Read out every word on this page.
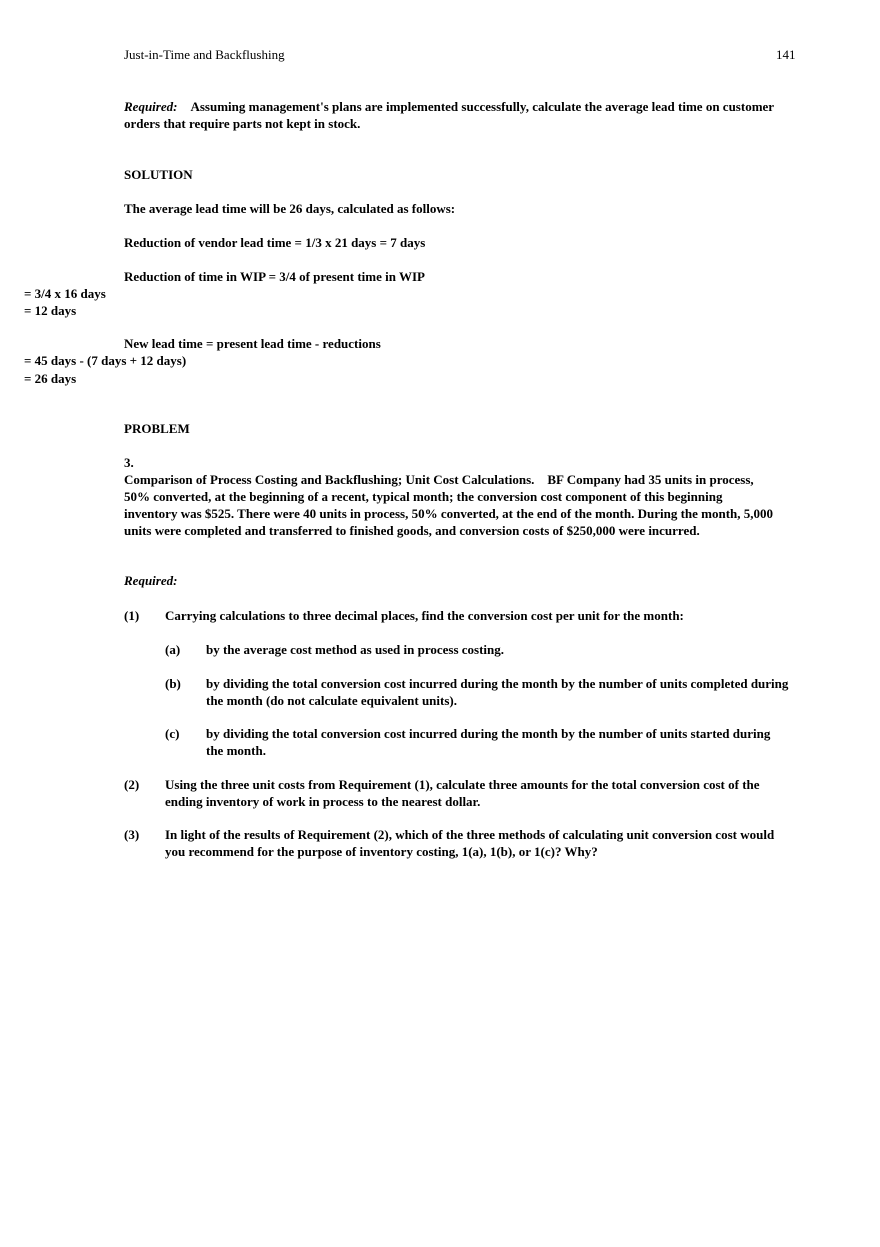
Just-in-Time and Backflushing	141
Required: Assuming management's plans are implemented successfully, calculate the average lead time on customer orders that require parts not kept in stock.
SOLUTION
The average lead time will be 26 days, calculated as follows:
Reduction of vendor lead time = 1/3 x 21 days = 7 days
Reduction of time in WIP = 3/4 of present time in WIP
= 3/4 x 16 days
= 12 days
New lead time = present lead time - reductions
= 45 days - (7 days + 12 days)
= 26 days
PROBLEM
3.
Comparison of Process Costing and Backflushing; Unit Cost Calculations. BF Company had 35 units in process, 50% converted, at the beginning of a recent, typical month; the conversion cost component of this beginning inventory was $525. There were 40 units in process, 50% converted, at the end of the month. During the month, 5,000 units were completed and transferred to finished goods, and conversion costs of $250,000 were incurred.
Required:
(1) Carrying calculations to three decimal places, find the conversion cost per unit for the month:
(a) by the average cost method as used in process costing.
(b) by dividing the total conversion cost incurred during the month by the number of units completed during the month (do not calculate equivalent units).
(c) by dividing the total conversion cost incurred during the month by the number of units started during the month.
(2) Using the three unit costs from Requirement (1), calculate three amounts for the total conversion cost of the ending inventory of work in process to the nearest dollar.
(3) In light of the results of Requirement (2), which of the three methods of calculating unit conversion cost would you recommend for the purpose of inventory costing, 1(a), 1(b), or 1(c)? Why?
